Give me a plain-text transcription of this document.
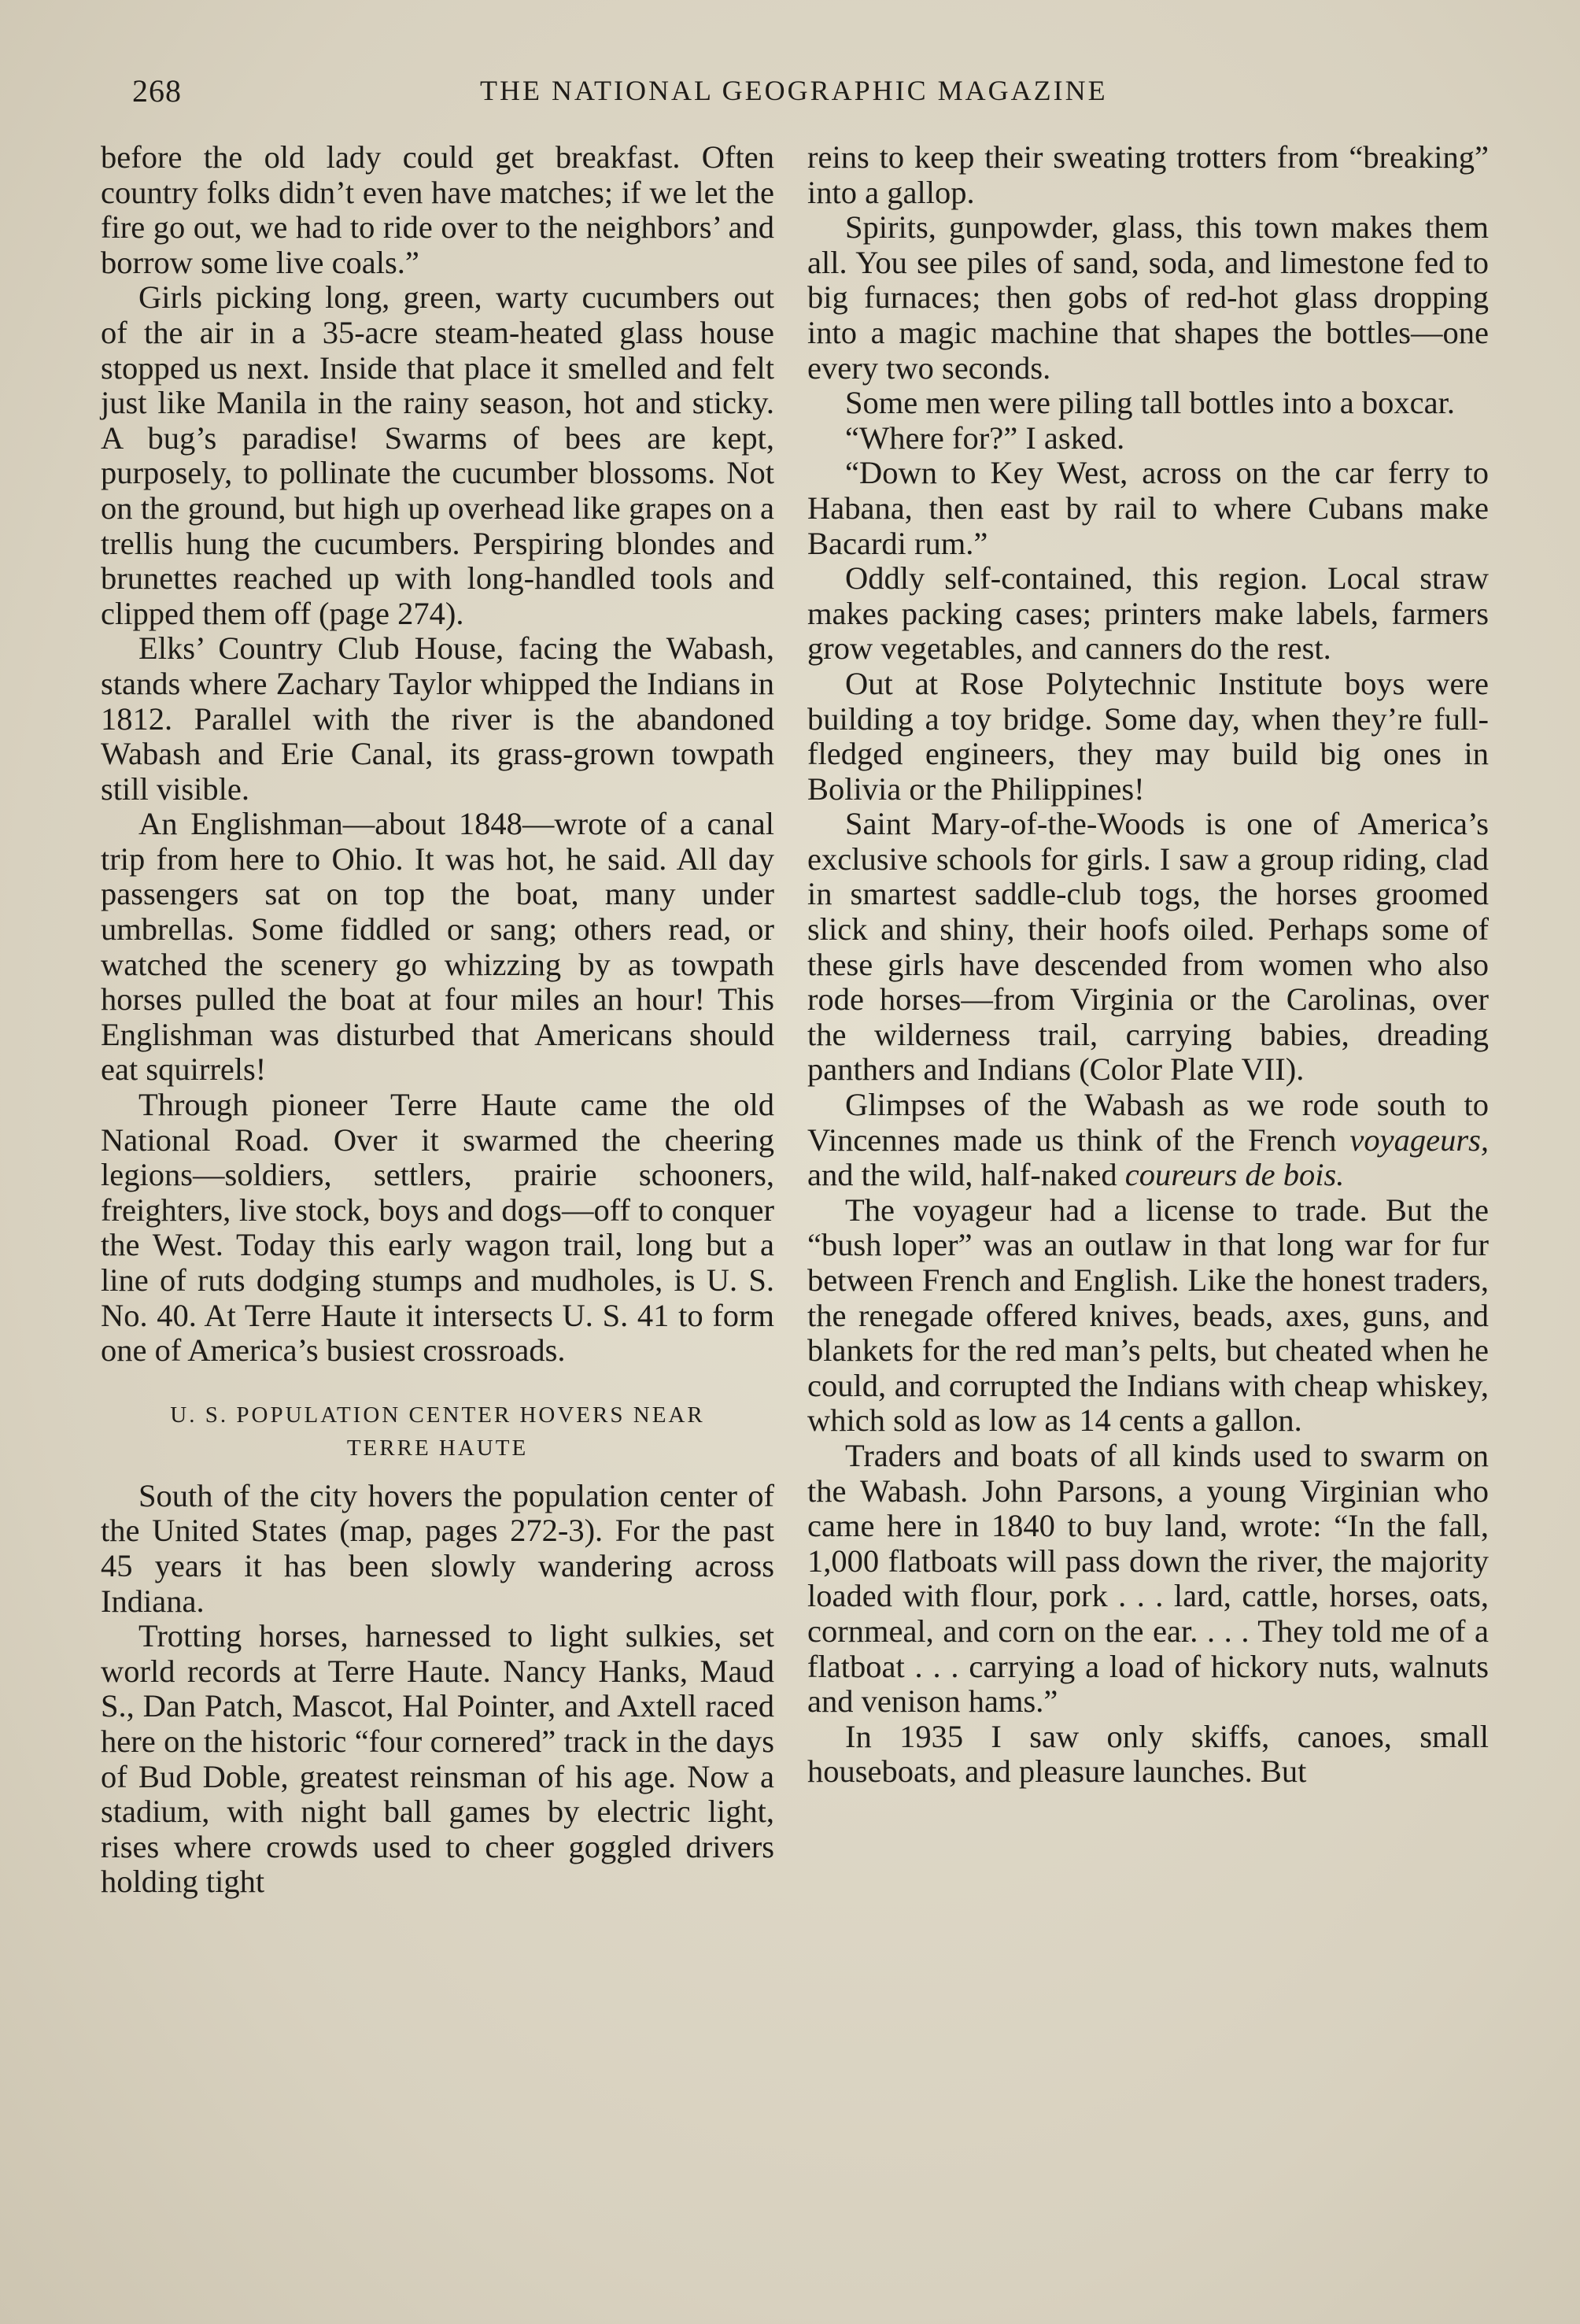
268	THE NATIONAL GEOGRAPHIC MAGAZINE

before the old lady could get breakfast. Often country folks didn’t even have matches; if we let the fire go out, we had to ride over to the neighbors’ and borrow some live coals.”

Girls picking long, green, warty cucumbers out of the air in a 35-acre steam-heated glass house stopped us next. Inside that place it smelled and felt just like Manila in the rainy season, hot and sticky. A bug’s paradise! Swarms of bees are kept, purposely, to pollinate the cucumber blossoms. Not on the ground, but high up overhead like grapes on a trellis hung the cucumbers. Perspiring blondes and brunettes reached up with long-handled tools and clipped them off (page 274).

Elks’ Country Club House, facing the Wabash, stands where Zachary Taylor whipped the Indians in 1812. Parallel with the river is the abandoned Wabash and Erie Canal, its grass-grown towpath still visible.

An Englishman—about 1848—wrote of a canal trip from here to Ohio. It was hot, he said. All day passengers sat on top the boat, many under umbrellas. Some fiddled or sang; others read, or watched the scenery go whizzing by as towpath horses pulled the boat at four miles an hour! This Englishman was disturbed that Americans should eat squirrels!

Through pioneer Terre Haute came the old National Road. Over it swarmed the cheering legions—soldiers, settlers, prairie schooners, freighters, live stock, boys and dogs—off to conquer the West. Today this early wagon trail, long but a line of ruts dodging stumps and mudholes, is U. S. No. 40. At Terre Haute it intersects U. S. 41 to form one of America’s busiest crossroads.

U. S. POPULATION CENTER HOVERS NEAR
TERRE HAUTE

South of the city hovers the population center of the United States (map, pages 272-3). For the past 45 years it has been slowly wandering across Indiana.

Trotting horses, harnessed to light sulkies, set world records at Terre Haute. Nancy Hanks, Maud S., Dan Patch, Mascot, Hal Pointer, and Axtell raced here on the historic “four cornered” track in the days of Bud Doble, greatest reinsman of his age. Now a stadium, with night ball games by electric light, rises where crowds used to cheer goggled drivers holding tight

reins to keep their sweating trotters from “breaking” into a gallop.

Spirits, gunpowder, glass, this town makes them all. You see piles of sand, soda, and limestone fed to big furnaces; then gobs of red-hot glass dropping into a magic machine that shapes the bottles—one every two seconds.

Some men were piling tall bottles into a boxcar.

“Where for?” I asked.

“Down to Key West, across on the car ferry to Habana, then east by rail to where Cubans make Bacardi rum.”

Oddly self-contained, this region. Local straw makes packing cases; printers make labels, farmers grow vegetables, and canners do the rest.

Out at Rose Polytechnic Institute boys were building a toy bridge. Some day, when they’re full-fledged engineers, they may build big ones in Bolivia or the Philippines!

Saint Mary-of-the-Woods is one of America’s exclusive schools for girls. I saw a group riding, clad in smartest saddle-club togs, the horses groomed slick and shiny, their hoofs oiled. Perhaps some of these girls have descended from women who also rode horses—from Virginia or the Carolinas, over the wilderness trail, carrying babies, dreading panthers and Indians (Color Plate VII).

Glimpses of the Wabash as we rode south to Vincennes made us think of the French voyageurs, and the wild, half-naked coureurs de bois.

The voyageur had a license to trade. But the “bush loper” was an outlaw in that long war for fur between French and English. Like the honest traders, the renegade offered knives, beads, axes, guns, and blankets for the red man’s pelts, but cheated when he could, and corrupted the Indians with cheap whiskey, which sold as low as 14 cents a gallon.

Traders and boats of all kinds used to swarm on the Wabash. John Parsons, a young Virginian who came here in 1840 to buy land, wrote: “In the fall, 1,000 flatboats will pass down the river, the majority loaded with flour, pork . . . lard, cattle, horses, oats, cornmeal, and corn on the ear. . . . They told me of a flatboat . . . carrying a load of hickory nuts, walnuts and venison hams.”

In 1935 I saw only skiffs, canoes, small houseboats, and pleasure launches. But
